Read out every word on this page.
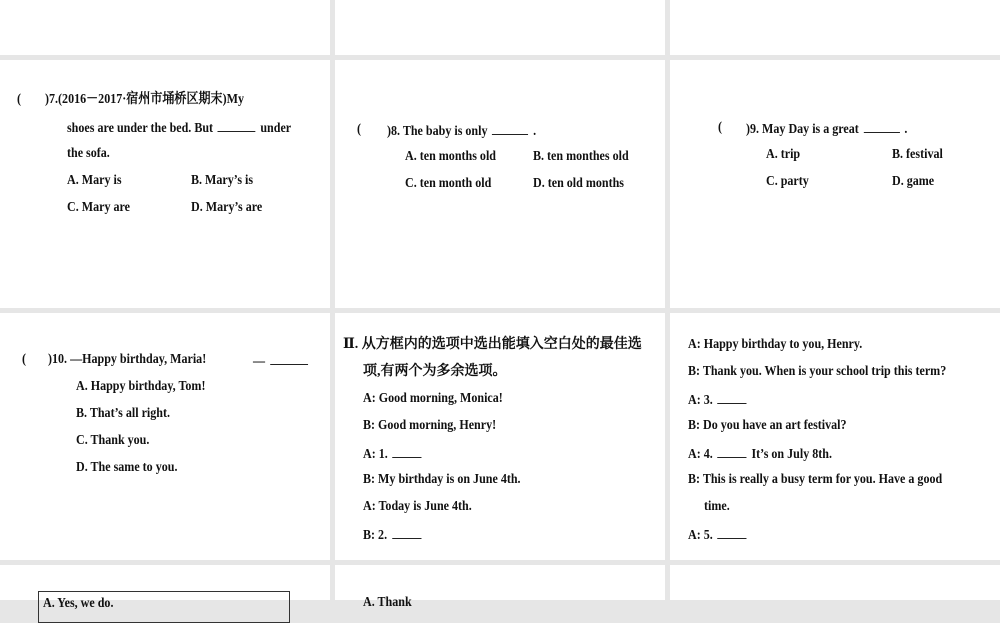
( )7.(2016－2017·宿州市埇桥区期末)My
shoes are under the bed. But	under
the sofa.
A. Mary is	B. Mary’s is
C. Mary are	D. Mary’s are
( )8. The baby is only	.
A. ten months old	B. ten monthes old
C. ten month old	D. ten old months
( )9. May Day is a great	.
A. trip	B. festival
C. party	D. game
( )10. —Happy birthday, Maria!	—
A. Happy birthday, Tom!
B. That’s all right.
C. Thank you.
D. The same to you.
Ⅱ. 从方框内的选项中选出能填入空白处的最佳选
项,有两个为多余选项。
A: Good morning, Monica!
B: Good morning, Henry!
A: 1.
B: My birthday is on June 4th.
A: Today is June 4th.
B: 2.
A: Happy birthday to you, Henry.
B: Thank you. When is your school trip this term?
A: 3.
B: Do you have an art festival?
A: 4.	It’s on July 8th.
B: This is really a busy term for you. Have a good
time.
A: 5.
A. Yes, we do.	A. Thank
